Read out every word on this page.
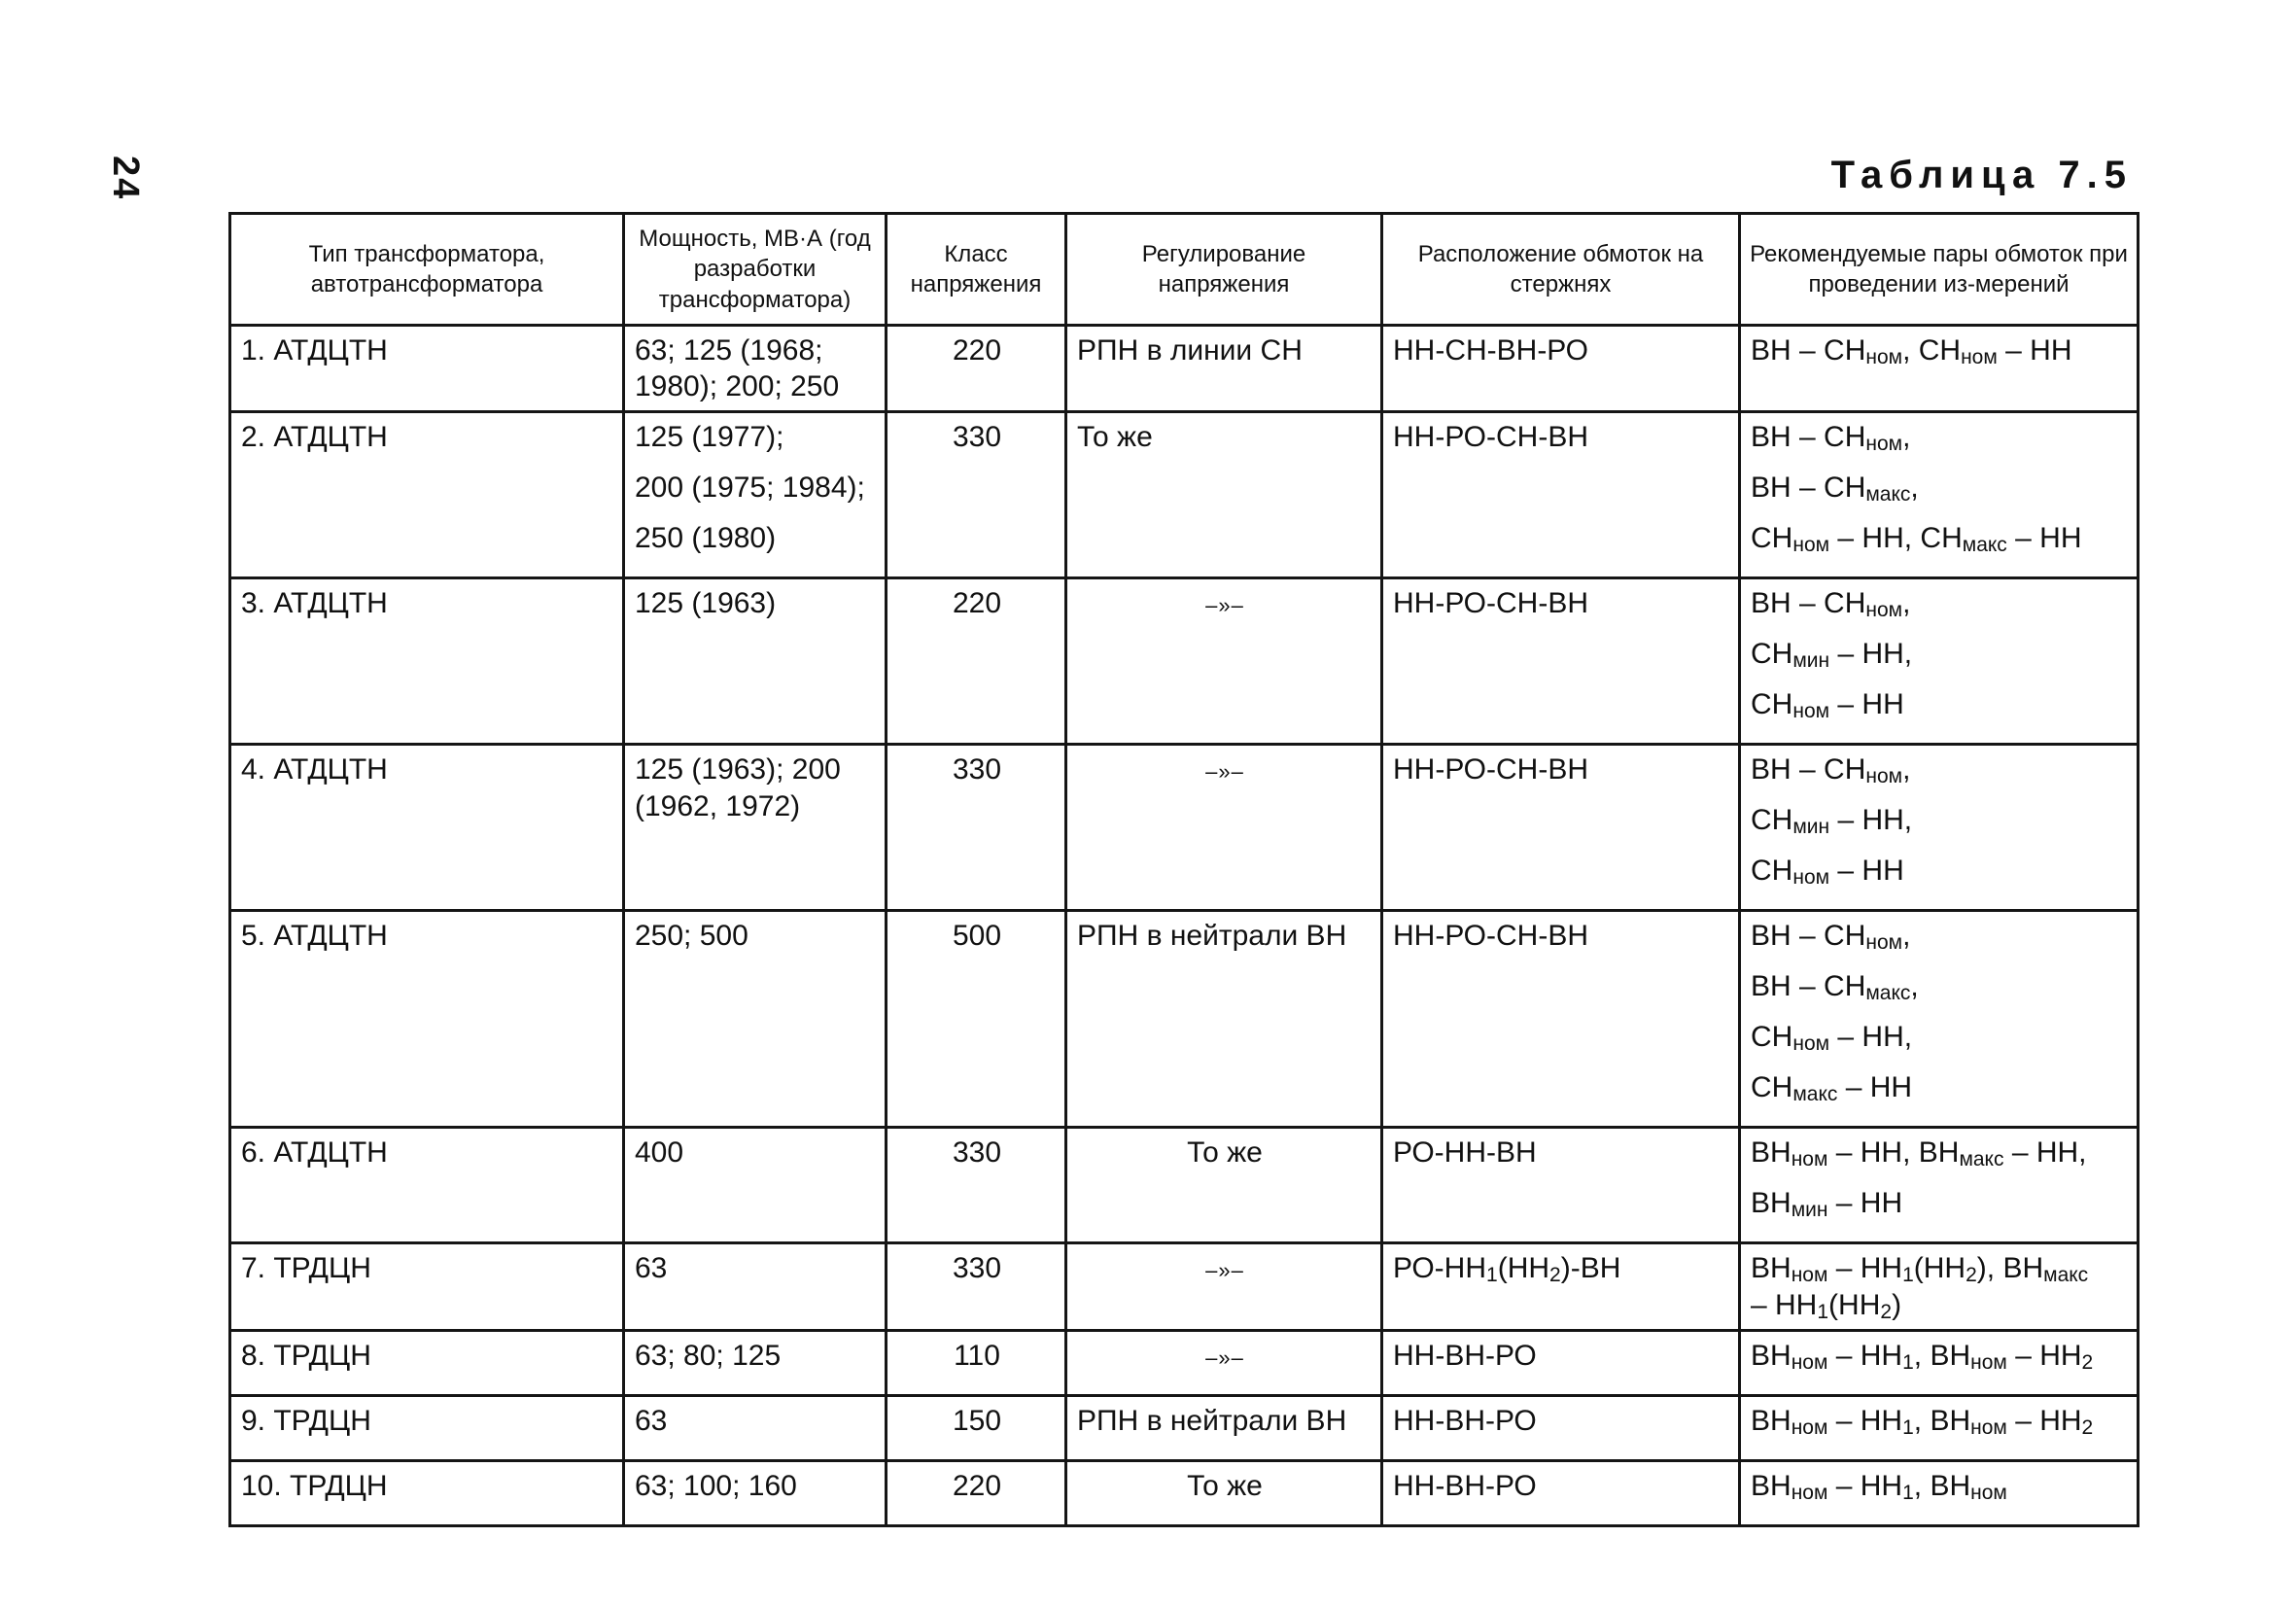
24	Таблица 7.5
Тип трансформатора, автотрансформатора	Мощность, МВ·А (год разработки трансформатора)	Класс напряжения	Регулирование напряжения	Расположение обмоток на стержнях	Рекомендуемые пары обмоток при проведении из-мерений
1. АТДЦТН	63; 125 (1968; 1980); 200; 250	220	РПН в линии СН	НН-СН-ВН-РО	ВН – $СН_{ном}$, $СН_{ном}$ – НН

2. АТДЦТН	125 (1977);
200 (1975; 1984);
250 (1980)	330	То же	НН-РО-СН-ВН	ВН – $СН_{ном}$,
ВН – $СН_{макс}$,
$СН_{ном}$ – НН, $СН_{макс}$ – НН

3. АТДЦТН	125 (1963)	220	–»–	НН-РО-СН-ВН	ВН – $СН_{ном}$,
$СН_{мин}$ – НН,
$СН_{ном}$ – НН

4. АТДЦТН	125 (1963); 200 (1962, 1972)	330	–»–	НН-РО-СН-ВН	ВН – $СН_{ном}$,
$СН_{мин}$ – НН,
$СН_{ном}$ – НН

5. АТДЦТН	250; 500	500	РПН в нейтрали ВН	НН-РО-СН-ВН	ВН – $СН_{ном}$,
ВН – $СН_{макс}$,
$СН_{ном}$ – НН,
$СН_{макс}$ – НН

6. АТДЦТН	400	330	То же	РО-НН-ВН	$ВН_{ном}$ – НН, $ВН_{макс}$ – НН,
$ВН_{мин}$ – НН

7. ТРДЦН	63	330	–»–	$РО-НН_1(НН_2)-ВН$	$ВН_{ном} - НН_1(НН_2)$, $ВН_{макс}$
– $НН_1(НН_2)$

8. ТРДЦН	63; 80; 125	110	–»–	НН-ВН-РО	$ВН_{ном} - НН_1$, $ВН_{ном} - НН_2$

9. ТРДЦН	63	150	РПН в нейтрали ВН	НН-ВН-РО	$ВН_{ном} - НН_1$, $ВН_{ном} - НН_2$

10. ТРДЦН	63; 100; 160	220	То же	НН-ВН-РО	$ВН_{ном} - НН_1$, $ВН_{ном}$
